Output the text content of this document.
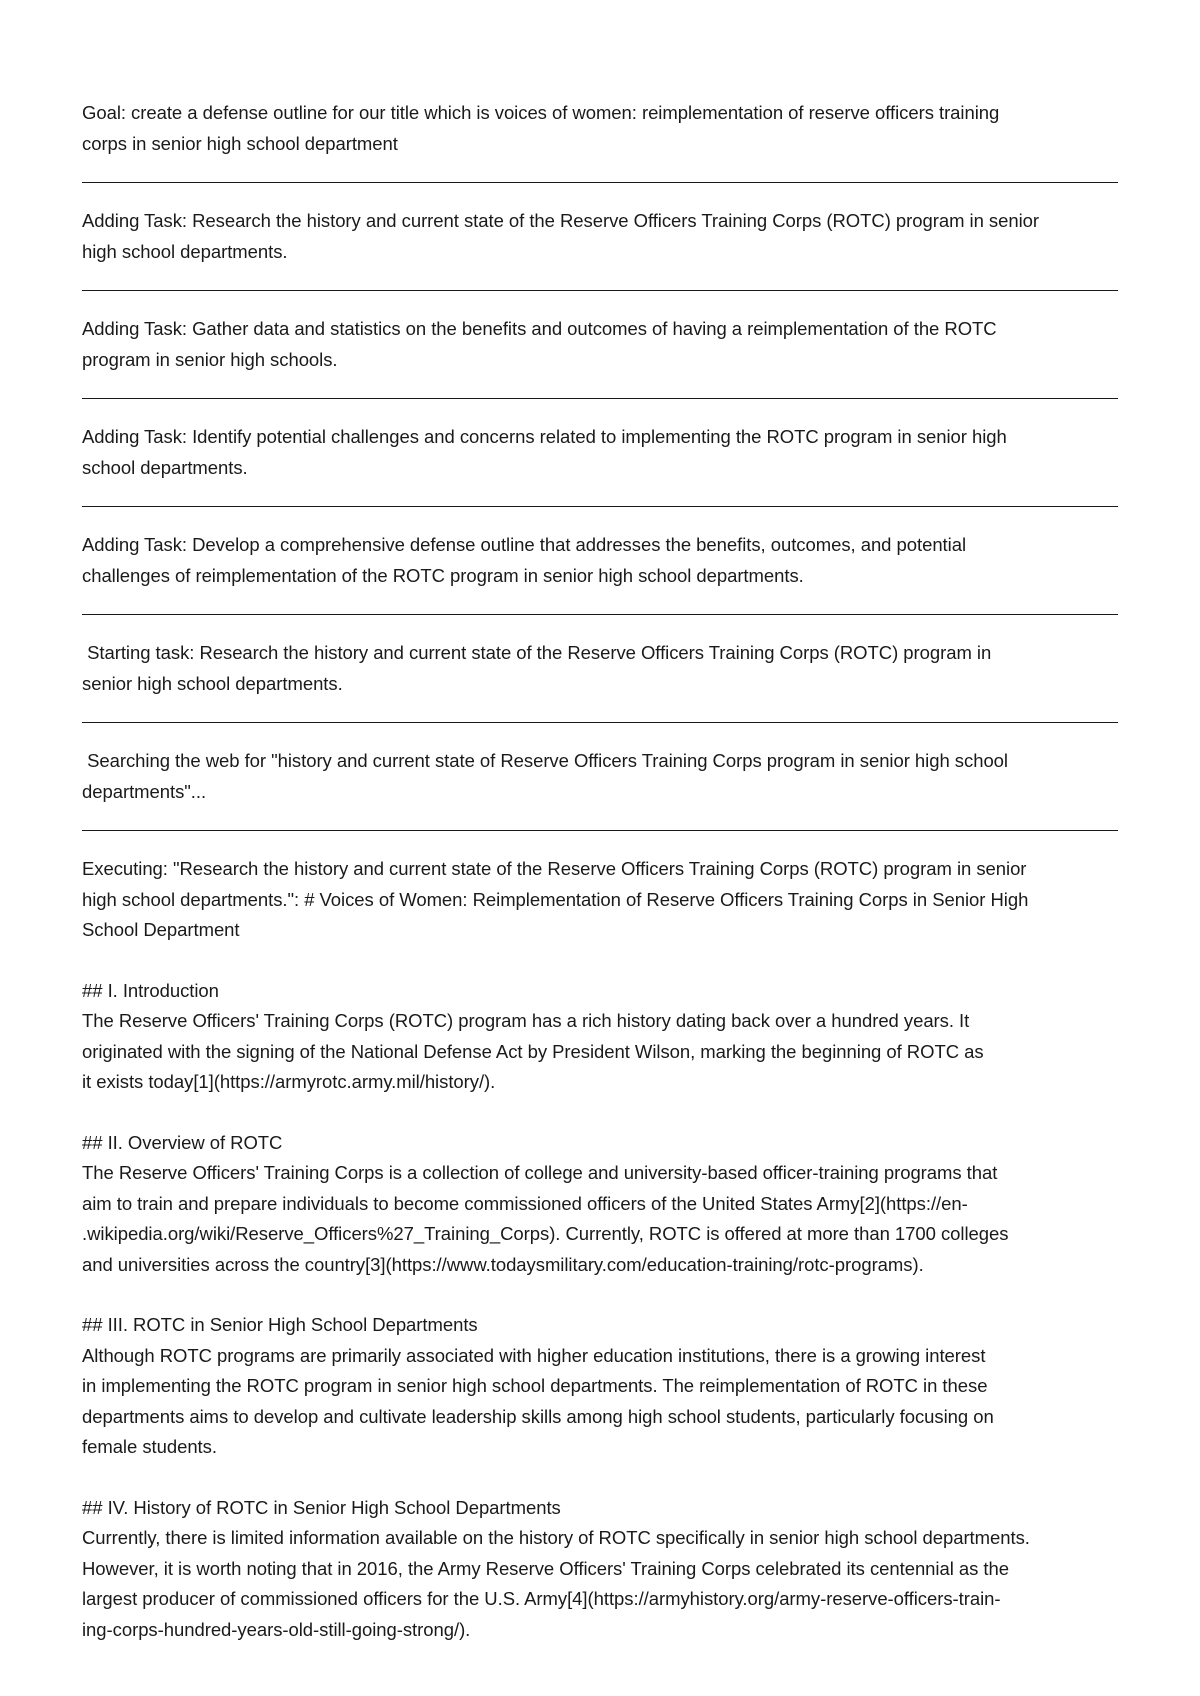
Goal: create a defense outline for our title which is voices of women: reimplementation of reserve officers training
corps in senior high school department

Adding Task: Research the history and current state of the Reserve Officers Training Corps (ROTC) program in senior
high school departments.

Adding Task: Gather data and statistics on the benefits and outcomes of having a reimplementation of the ROTC
program in senior high schools.

Adding Task: Identify potential challenges and concerns related to implementing the ROTC program in senior high
school departments.

Adding Task: Develop a comprehensive defense outline that addresses the benefits, outcomes, and potential
challenges of reimplementation of the ROTC program in senior high school departments.

Starting task: Research the history and current state of the Reserve Officers Training Corps (ROTC) program in
senior high school departments.

Searching the web for "history and current state of Reserve Officers Training Corps program in senior high school
departments"...

Executing: "Research the history and current state of the Reserve Officers Training Corps (ROTC) program in senior
high school departments.": # Voices of Women: Reimplementation of Reserve Officers Training Corps in Senior High
School Department

## I. Introduction
The Reserve Officers' Training Corps (ROTC) program has a rich history dating back over a hundred years. It
originated with the signing of the National Defense Act by President Wilson, marking the beginning of ROTC as
it exists today[1](https://armyrotc.army.mil/history/).

## II. Overview of ROTC
The Reserve Officers' Training Corps is a collection of college and university-based officer-training programs that
aim to train and prepare individuals to become commissioned officers of the United States Army[2](https://en-
.wikipedia.org/wiki/Reserve_Officers%27_Training_Corps). Currently, ROTC is offered at more than 1700 colleges
and universities across the country[3](https://www.todaysmilitary.com/education-training/rotc-programs).

## III. ROTC in Senior High School Departments
Although ROTC programs are primarily associated with higher education institutions, there is a growing interest
in implementing the ROTC program in senior high school departments. The reimplementation of ROTC in these
departments aims to develop and cultivate leadership skills among high school students, particularly focusing on
female students.

## IV. History of ROTC in Senior High School Departments
Currently, there is limited information available on the history of ROTC specifically in senior high school departments.
However, it is worth noting that in 2016, the Army Reserve Officers' Training Corps celebrated its centennial as the
largest producer of commissioned officers for the U.S. Army[4](https://armyhistory.org/army-reserve-officers-train-
ing-corps-hundred-years-old-still-going-strong/).
